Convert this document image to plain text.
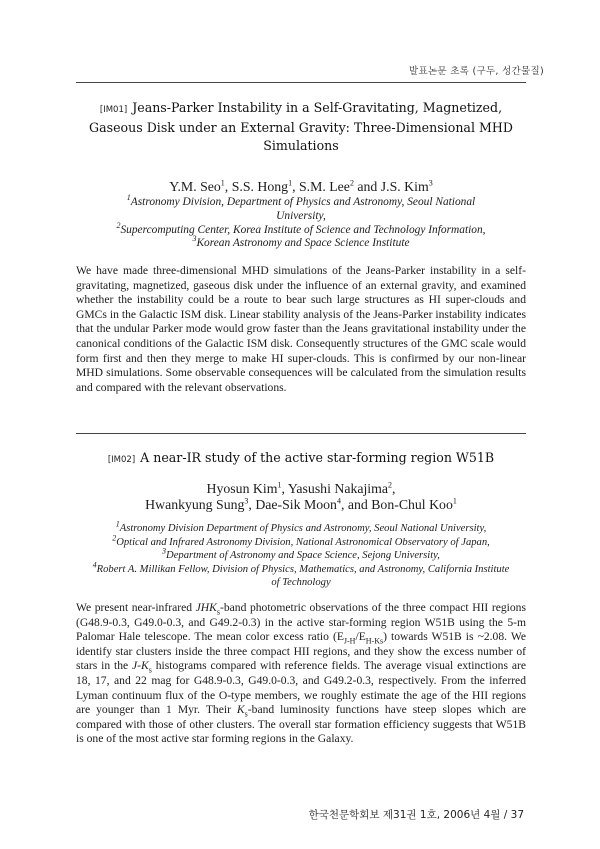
발표논문 초록 (구두, 성간물질)
[IM01] Jeans-Parker Instability in a Self-Gravitating, Magnetized,
Gaseous Disk under an External Gravity: Three-Dimensional MHD
Simulations
Y.M. Seo$^1$, S.S. Hong$^1$, S.M. Lee$^2$ and J.S. Kim$^3$

$^1$Astronomy Division, Department of Physics and Astronomy, Seoul National

University,

$^2$Supercomputing Center, Korea Institute of Science and Technology Information,

$^3$Korean Astronomy and Space Science Institute

We have made three-dimensional MHD simulations of the Jeans-Parker instability in a self-gravitating, magnetized, gaseous disk under the influence of an external gravity, and examined whether the instability could be a route to bear such large structures as HI super-clouds and GMCs in the Galactic ISM disk. Linear stability analysis of the Jeans-Parker instability indicates that the undular Parker mode would grow faster than the Jeans gravitational instability under the canonical conditions of the Galactic ISM disk. Consequently structures of the GMC scale would form first and then they merge to make HI super-clouds. This is confirmed by our non-linear MHD simulations. Some observable consequences will be calculated from the simulation results and compared with the relevant observations.

[IM02] A near-IR study of the active star-forming region W51B
Hyosun Kim$^1$, Yasushi Nakajima$^2$,
Hwankyung Sung$^3$, Dae-Sik Moon$^4$, and Bon-Chul Koo$^1$

$^1$Astronomy Division Department of Physics and Astronomy, Seoul National University,

$^2$Optical and Infrared Astronomy Division, National Astronomical Observatory of Japan,

$^3$Department of Astronomy and Space Science, Sejong University,

$^4$Robert A. Millikan Fellow, Division of Physics, Mathematics, and Astronomy, California Institute

of Technology

We present near-infrared $JHK_s$-band photometric observations of the three compact HII regions (G48.9-0.3, G49.0-0.3, and G49.2-0.3) in the active star-forming region W51B using the 5-m Palomar Hale telescope. The mean color excess ratio $(E_{J-H}/E_{H-Ks})$ towards W51B is ~2.08. We identify star clusters inside the three compact HII regions, and they show the excess number of stars in the $J-K_s$ histograms compared with reference fields. The average visual extinctions are 18, 17, and 22 mag for G48.9-0.3, G49.0-0.3, and G49.2-0.3, respectively. From the inferred Lyman continuum flux of the O-type members, we roughly estimate the age of the HII regions are younger than 1 Myr. Their $K_s$-band luminosity functions have steep slopes which are compared with those of other clusters. The overall star formation efficiency suggests that W51B is one of the most active star forming regions in the Galaxy.

한국천문학회보 제31권 1호, 2006년 4월 / 37
